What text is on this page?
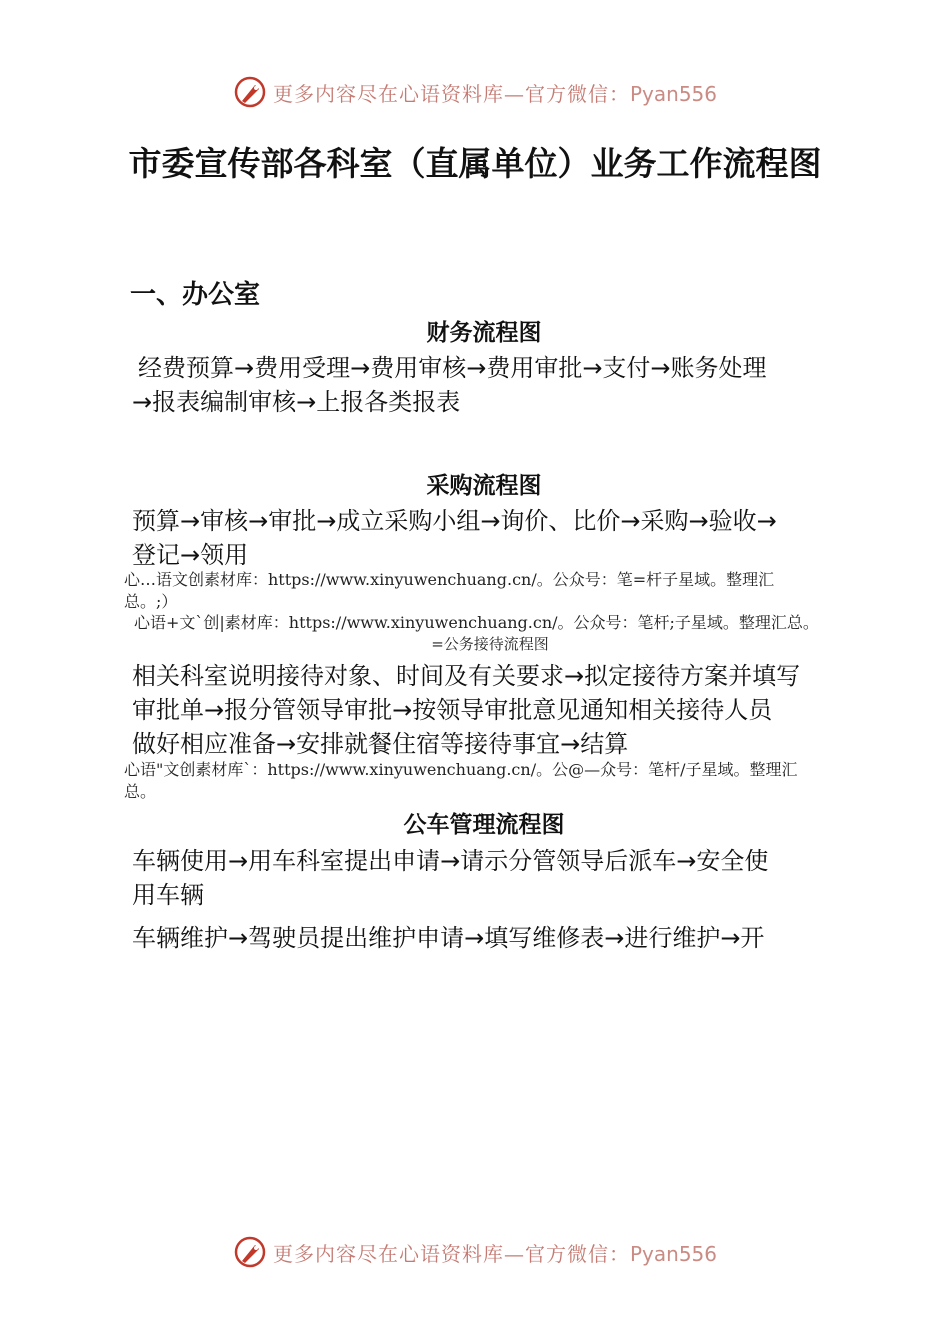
更多内容尽在心语资料库—官方微信：Pyan556
市委宣传部各科室（直属单位）业务工作流程图
一、办公室
财务流程图

经费预算→费用受理→费用审核→费用审批→支付→账务处理

→报表编制审核→上报各类报表

采购流程图

预算→审核→审批→成立采购小组→询价、比价→采购→验收→

登记→领用

心…语文创素材库：https://www.xinyuwenchuang.cn/。公众号：笔=杆子星域。整理汇
总。;）

心语+文`创|素材库：https://www.xinyuwenchuang.cn/。公众号：笔杆;子星域。整理汇总。

=公务接待流程图

相关科室说明接待对象、时间及有关要求→拟定接待方案并填写

审批单→报分管领导审批→按领导审批意见通知相关接待人员

做好相应准备→安排就餐住宿等接待事宜→结算

心语"文创素材库`：https://www.xinyuwenchuang.cn/。公@—众号：笔杆/子星域。整理汇
总。

公车管理流程图

车辆使用→用车科室提出申请→请示分管领导后派车→安全使

用车辆

车辆维护→驾驶员提出维护申请→填写维修表→进行维护→开

更多内容尽在心语资料库—官方微信：Pyan556
